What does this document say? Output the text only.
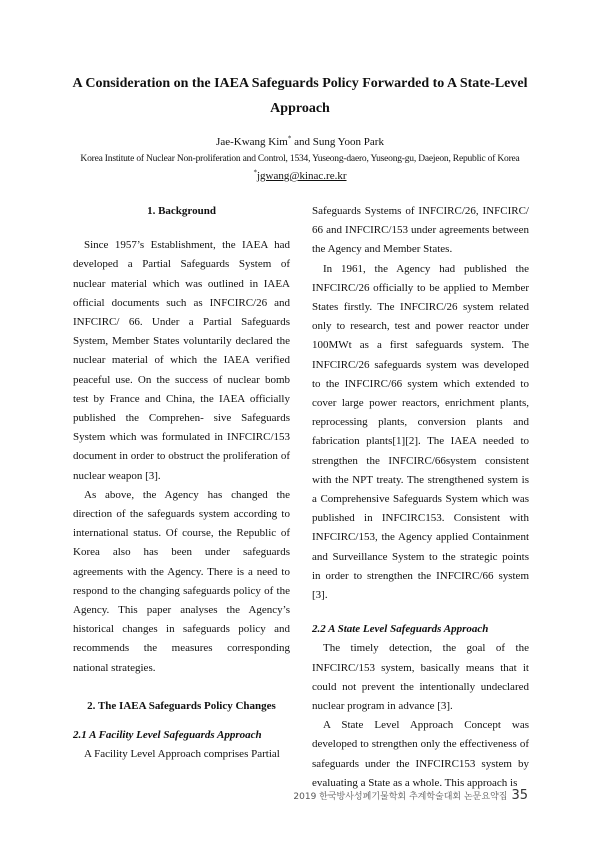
A Consideration on the IAEA Safeguards Policy Forwarded to A State-Level
Approach
Jae-Kwang Kim* and Sung Yoon Park
Korea Institute of Nuclear Non-proliferation and Control, 1534, Yuseong-daero, Yuseong-gu, Daejeon, Republic of Korea
*jgwang@kinac.re.kr
1. Background

Since 1957’s Establishment, the IAEA had developed a Partial Safeguards System of nuclear material which was outlined in IAEA official documents such as INFCIRC/26 and INFCIRC/ 66. Under a Partial Safeguards System, Member States voluntarily declared the nuclear material of which the IAEA verified peaceful use. On the success of nuclear bomb test by France and China, the IAEA officially published the Comprehen- sive Safeguards System which was formulated in INFCIRC/153 document in order to obstruct the proliferation of nuclear weapon [3].

As above, the Agency has changed the direction of the safeguards system according to international status. Of course, the Republic of Korea also has been under safeguards agreements with the Agency. There is a need to respond to the changing safeguards policy of the Agency. This paper analyses the Agency’s historical changes in safeguards policy and recommends the measures corresponding national strategies.

2. The IAEA Safeguards Policy Changes
2.1 A Facility Level Safeguards Approach

A Facility Level Approach comprises Partial

Safeguards Systems of INFCIRC/26, INFCIRC/ 66 and INFCIRC/153 under agreements between the Agency and Member States.

In 1961, the Agency had published the INFCIRC/26 officially to be applied to Member States firstly. The INFCIRC/26 system related only to research, test and power reactor under 100MWt as a first safeguards system. The INFCIRC/26 safeguards system was developed to the INFCIRC/66 system which extended to cover large power reactors, enrichment plants, reprocessing plants, conversion plants and fabrication plants[1][2]. The IAEA needed to strengthen the INFCIRC/66system consistent with the NPT treaty. The strengthened system is a Comprehensive Safeguards System which was published in INFCIRC153. Consistent with INFCIRC/153, the Agency applied Containment and Surveillance System to the strategic points in order to strengthen the INFCIRC/66 system [3].

2.2 A State Level Safeguards Approach

The timely detection, the goal of the INFCIRC/153 system, basically means that it could not prevent the intentionally undeclared nuclear program in advance [3].

A State Level Approach Concept was developed to strengthen only the effectiveness of safeguards under the INFCIRC153 system by evaluating a State as a whole. This approach is

2019 한국방사성폐기물학회 추계학술대회 논문요약집 35
